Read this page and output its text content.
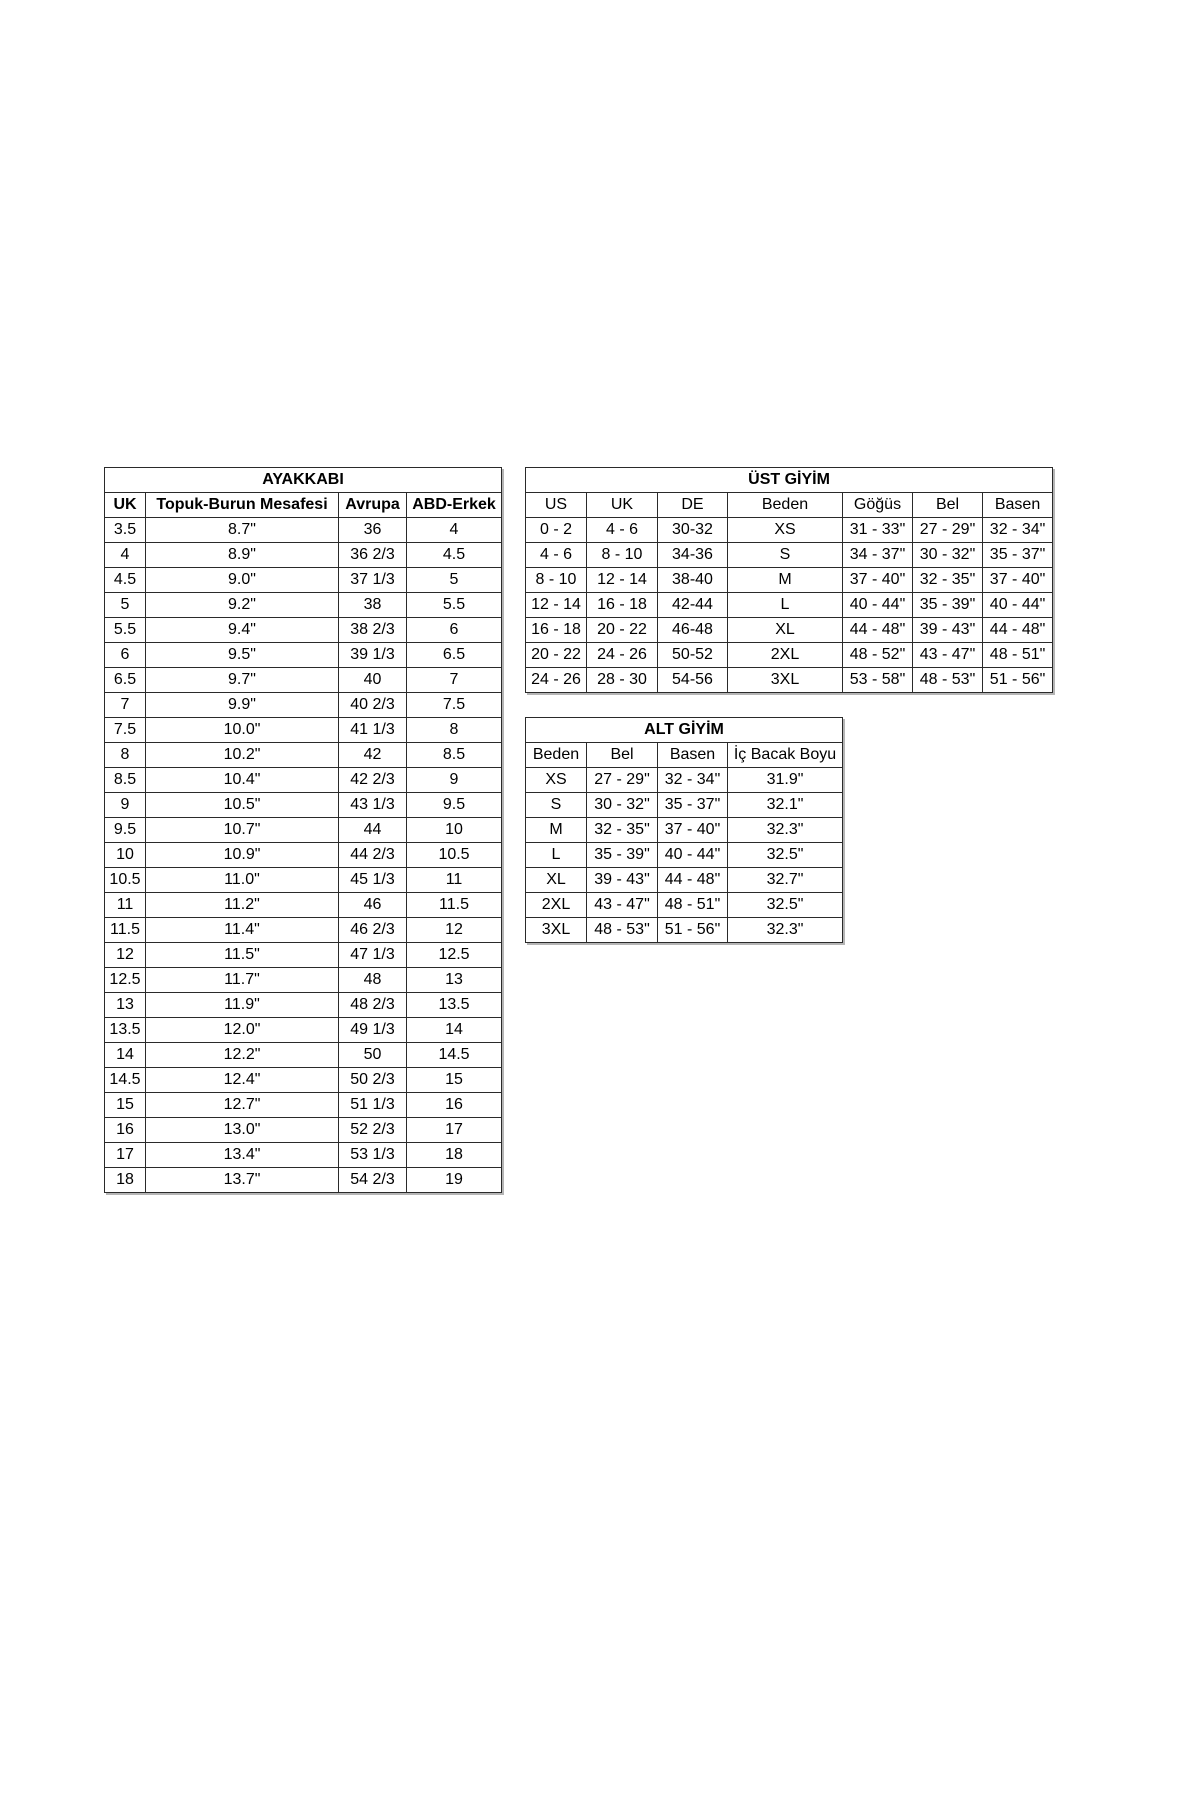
AYAKKABI			
UK	Topuk-Burun Mesafesi	Avrupa	ABD-Erkek
3.5	8.7"	36	4
4	8.9"	36 2/3	4.5
4.5	9.0"	37 1/3	5
5	9.2"	38	5.5
5.5	9.4"	38 2/3	6
6	9.5"	39 1/3	6.5
6.5	9.7"	40	7
7	9.9"	40 2/3	7.5
7.5	10.0"	41 1/3	8
8	10.2"	42	8.5
8.5	10.4"	42 2/3	9
9	10.5"	43 1/3	9.5
9.5	10.7"	44	10
10	10.9"	44 2/3	10.5
10.5	11.0"	45 1/3	11
11	11.2"	46	11.5
11.5	11.4"	46 2/3	12
12	11.5"	47 1/3	12.5
12.5	11.7"	48	13
13	11.9"	48 2/3	13.5
13.5	12.0"	49 1/3	14
14	12.2"	50	14.5
14.5	12.4"	50 2/3	15
15	12.7"	51 1/3	16
16	13.0"	52 2/3	17
17	13.4"	53 1/3	18
18	13.7"	54 2/3	19
ÜST GİYİM						
US	UK	DE	Beden	Göğüs	Bel	Basen
0 - 2	4 - 6	30-32	XS	31 - 33"	27 - 29"	32 - 34"
4 - 6	8 - 10	34-36	S	34 - 37"	30 - 32"	35 - 37"
8 - 10	12 - 14	38-40	M	37 - 40"	32 - 35"	37 - 40"
12 - 14	16 - 18	42-44	L	40 - 44"	35 - 39"	40 - 44"
16 - 18	20 - 22	46-48	XL	44 - 48"	39 - 43"	44 - 48"
20 - 22	24 - 26	50-52	2XL	48 - 52"	43 - 47"	48 - 51"
24 - 26	28 - 30	54-56	3XL	53 - 58"	48 - 53"	51 - 56"
ALT GİYİM			
Beden	Bel	Basen	İç Bacak Boyu
XS	27 - 29"	32 - 34"	31.9"
S	30 - 32"	35 - 37"	32.1"
M	32 - 35"	37 - 40"	32.3"
L	35 - 39"	40 - 44"	32.5"
XL	39 - 43"	44 - 48"	32.7"
2XL	43 - 47"	48 - 51"	32.5"
3XL	48 - 53"	51 - 56"	32.3"
